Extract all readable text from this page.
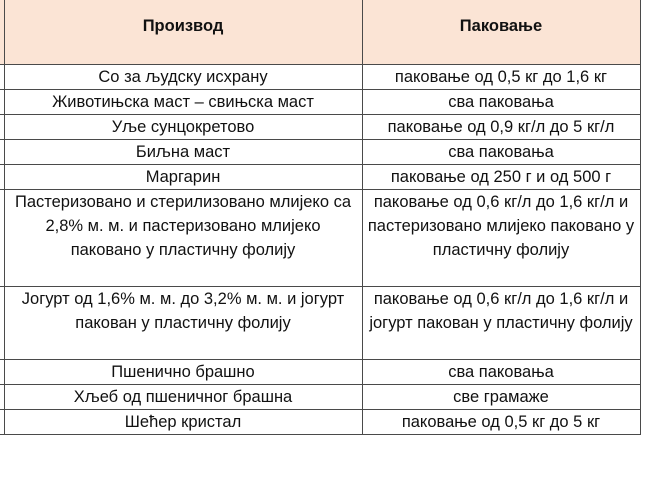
	Производ	Паковање	
	Со за људску исхрану	паковање од 0,5 кг до 1,6 кг	
	Животињска маст – свињска маст	сва паковања	
	Уље сунцокретово	паковање од 0,9 кг/л до 5 кг/л	
	Биљна маст	сва паковања	
	Маргарин	паковање од 250 г и од 500 г	

	Пастеризовано и стерилизовано млијеко са 2,8% м. м. и пастеризовано млијеко паковано у пластичну фолију	паковање од 0,6 кг/л до 1,6 кг/л и пастеризовано млијеко паковано у пластичну фолију	

	Јогурт од 1,6% м. м. до 3,2% м. м. и јогурт пакован у пластичну фолију	паковање од 0,6 кг/л до 1,6 кг/л и јогурт пакован у пластичну фолију	

	Пшенично брашно	сва паковања	
	Хљеб од пшеничног брашна	све грамаже	
	Шећер кристал	паковање од 0,5 кг до 5 кг	
